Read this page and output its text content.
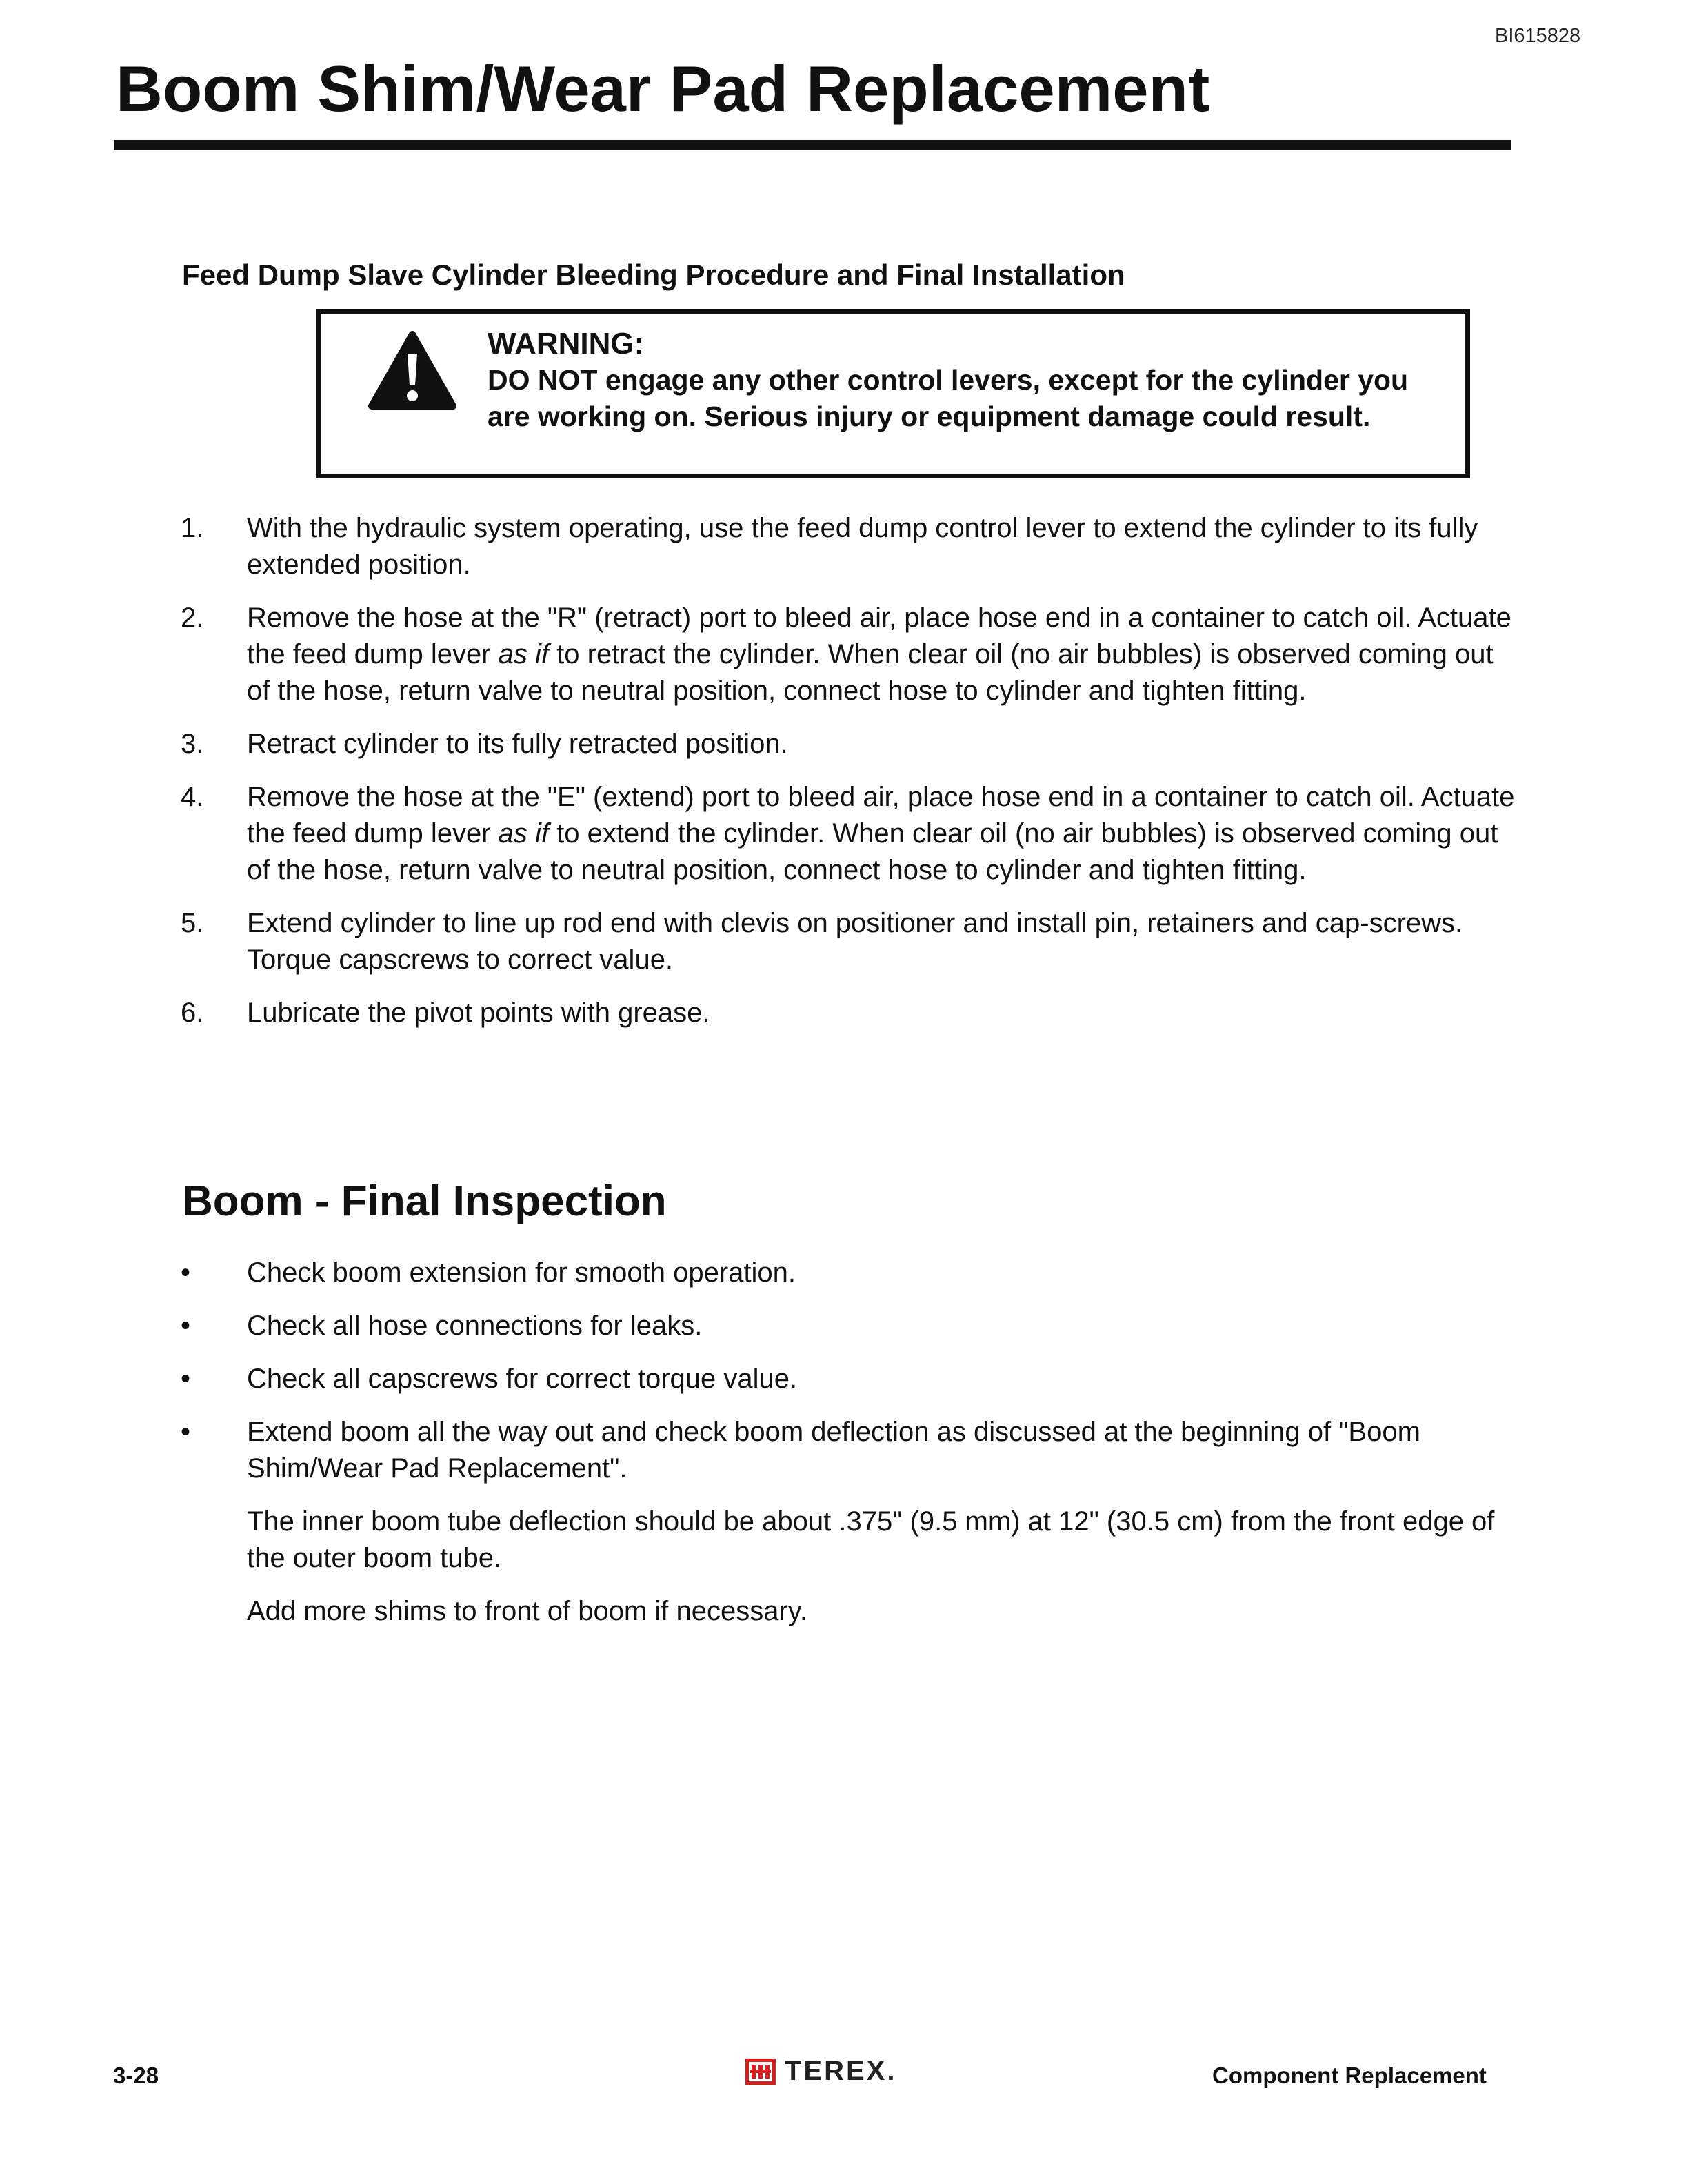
BI615828
Boom Shim/Wear Pad Replacement
Feed Dump Slave Cylinder Bleeding Procedure and Final Installation
WARNING:
DO NOT engage any other control levers, except for the cylinder you are working on. Serious injury or equipment damage could result.
1. With the hydraulic system operating, use the feed dump control lever to extend the cylinder to its fully extended position.
2. Remove the hose at the "R" (retract) port to bleed air, place hose end in a container to catch oil. Actuate the feed dump lever as if to retract the cylinder. When clear oil (no air bubbles) is observed coming out of the hose, return valve to neutral position, connect hose to cylinder and tighten fitting.
3. Retract cylinder to its fully retracted position.
4. Remove the hose at the "E" (extend) port to bleed air, place hose end in a container to catch oil. Actuate the feed dump lever as if to extend the cylinder. When clear oil (no air bubbles) is observed coming out of the hose, return valve to neutral position, connect hose to cylinder and tighten fitting.
5. Extend cylinder to line up rod end with clevis on positioner and install pin, retainers and cap-screws. Torque capscrews to correct value.
6. Lubricate the pivot points with grease.
Boom - Final Inspection
• Check boom extension for smooth operation.
• Check all hose connections for leaks.
• Check all capscrews for correct torque value.
• Extend boom all the way out and check boom deflection as discussed at the beginning of "Boom Shim/Wear Pad Replacement".

The inner boom tube deflection should be about .375" (9.5 mm) at 12" (30.5 cm) from the front edge of the outer boom tube.

Add more shims to front of boom if necessary.

3-28	TEREX.	Component Replacement
